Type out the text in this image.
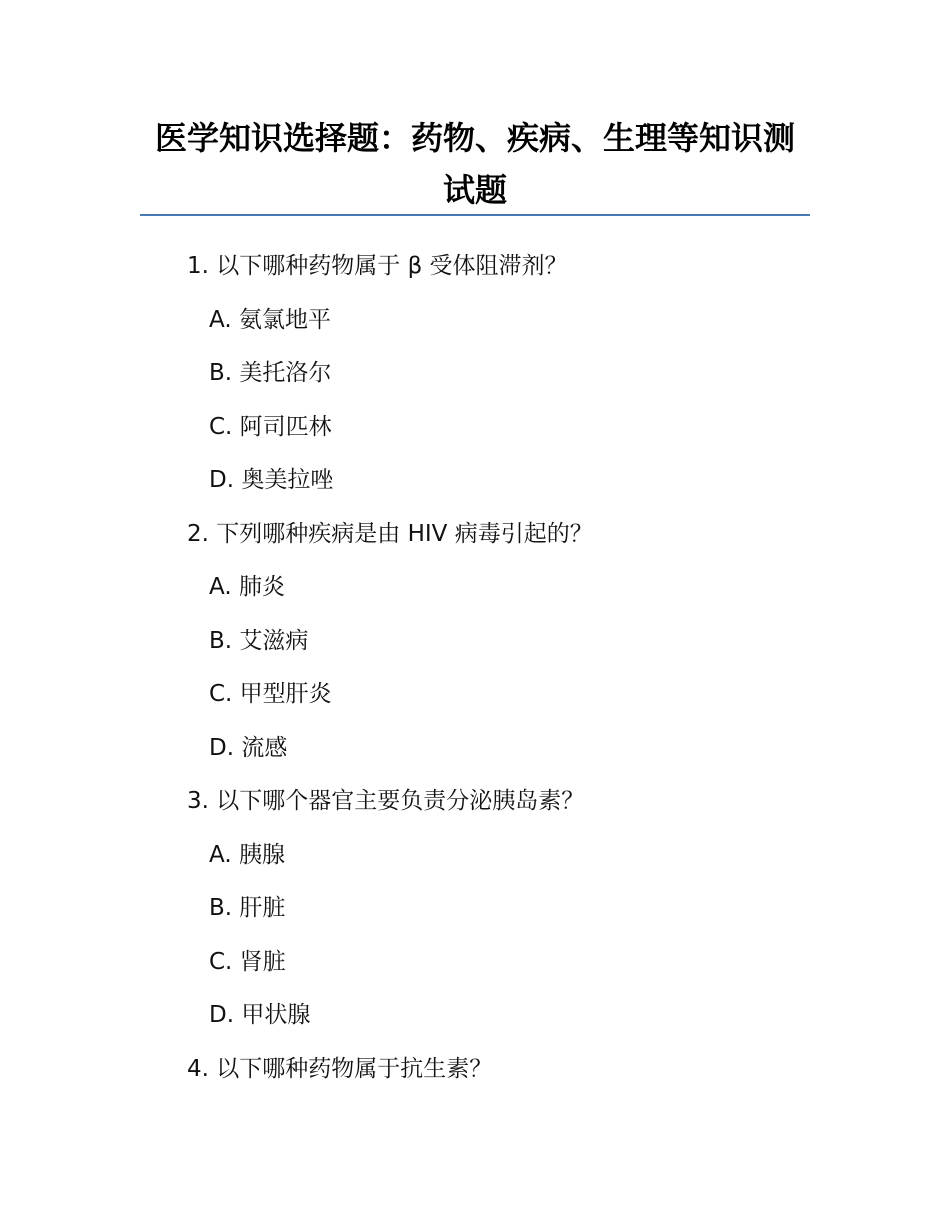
医学知识选择题：药物、疾病、生理等知识测试题
1. 以下哪种药物属于 β 受体阻滞剂？
A. 氨氯地平
B. 美托洛尔
C. 阿司匹林
D. 奥美拉唑
2. 下列哪种疾病是由 HIV 病毒引起的？
A. 肺炎
B. 艾滋病
C. 甲型肝炎
D. 流感
3. 以下哪个器官主要负责分泌胰岛素？
A. 胰腺
B. 肝脏
C. 肾脏
D. 甲状腺
4. 以下哪种药物属于抗生素？
